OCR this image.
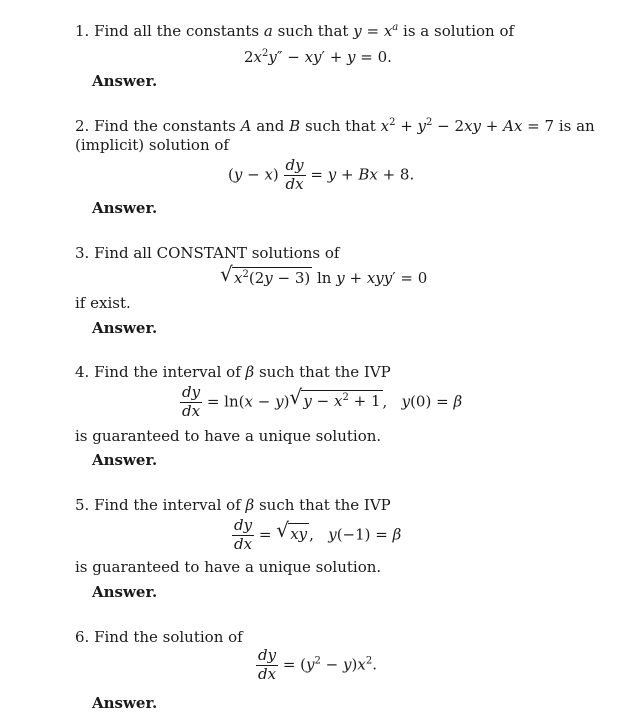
1. Find all the constants a such that $y = x^a$ is a solution of
$2x^2y'' - xy' + y = 0$.
Answer.
2. Find the constants A and B such that $x^2 + y^2 - 2xy + Ax = 7$ is an
(implicit) solution of
$(y - x) \frac{dy}{dx} = y + Bx + 8$.
Answer.
3. Find all CONSTANT solutions of
√ $x^2(2y - 3)$ ln y + xyy′ = 0
if exist.
Answer.
4. Find the interval of β such that the IVP
$\frac{dy}{dx} = \ln(x - y)$ √ $y - x^2 + 1$ ,   y(0) = β
is guaranteed to have a unique solution.
Answer.
5. Find the interval of β such that the IVP
$\frac{dy}{dx}$ = √ xy ,   y(−1) = β
is guaranteed to have a unique solution.
Answer.
6. Find the solution of
$\frac{dy}{dx} = (y^2 - y)x^2$.
Answer.
